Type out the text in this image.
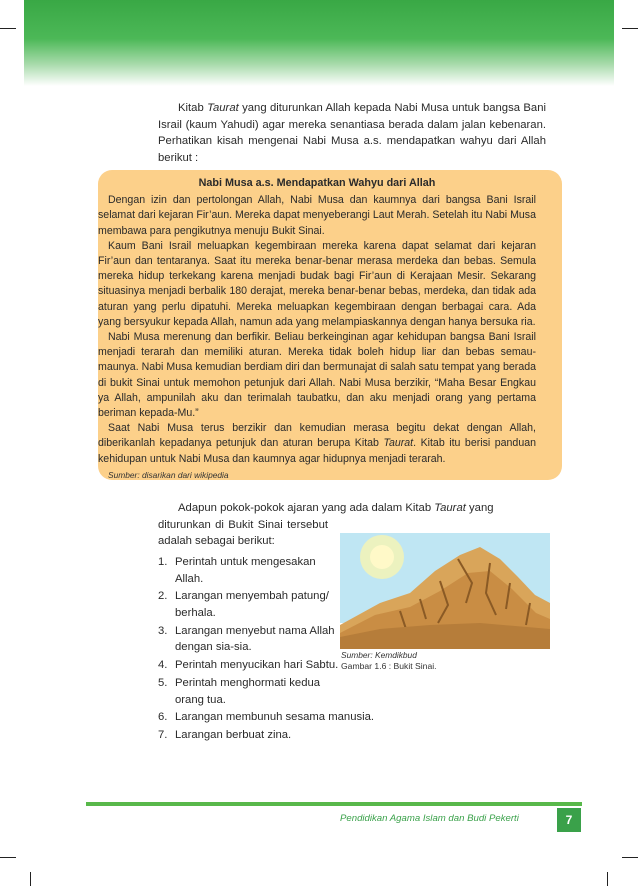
Kitab Taurat yang diturunkan Allah kepada Nabi Musa untuk bangsa Bani Israil (kaum Yahudi) agar mereka senantiasa berada dalam jalan kebenaran. Perhatikan kisah mengenai Nabi Musa a.s. mendapatkan wahyu dari Allah berikut :
Nabi Musa a.s. Mendapatkan Wahyu dari Allah

Dengan izin dan pertolongan Allah, Nabi Musa dan kaumnya dari bangsa Bani Israil selamat dari kejaran Fir’aun. Mereka dapat menyeberangi Laut Merah. Setelah itu Nabi Musa membawa para pengikutnya menuju Bukit Sinai.

Kaum Bani Israil meluapkan kegembiraan mereka karena dapat selamat dari kejaran Fir’aun dan tentaranya. Saat itu mereka benar-benar merasa merdeka dan bebas. Semula mereka hidup terkekang karena menjadi budak bagi Fir’aun di Kerajaan Mesir. Sekarang situasinya menjadi berbalik 180 derajat, mereka benar-benar bebas, merdeka, dan tidak ada aturan yang perlu dipatuhi. Mereka meluapkan kegembiraan dengan berbagai cara. Ada yang bersyukur kepada Allah, namun ada yang melampiaskannya dengan hanya bersuka ria.

Nabi Musa merenung dan berfikir. Beliau berkeinginan agar kehidupan bangsa Bani Israil menjadi terarah dan memiliki aturan. Mereka tidak boleh hidup liar dan bebas semau-maunya. Nabi Musa kemudian berdiam diri dan bermunajat di salah satu tempat yang berada di bukit Sinai untuk memohon petunjuk dari Allah. Nabi Musa berzikir, “Maha Besar Engkau ya Allah, ampunilah aku dan terimalah taubatku, dan aku menjadi orang yang pertama beriman kepada-Mu.”

Saat Nabi Musa terus berzikir dan kemudian merasa begitu dekat dengan Allah, diberikanlah kepadanya petunjuk dan aturan berupa Kitab Taurat. Kitab itu berisi panduan kehidupan untuk Nabi Musa dan kaumnya agar hidupnya menjadi terarah.

Sumber: disarikan dari wikipedia
Adapun pokok-pokok ajaran yang ada dalam Kitab Taurat yang
diturunkan di Bukit Sinai tersebut adalah sebagai berikut:
1. Perintah untuk mengesakan Allah.
2. Larangan menyembah patung/ berhala.
3. Larangan menyebut nama Allah dengan sia-sia.
4. Perintah menyucikan hari Sabtu.
5. Perintah menghormati kedua orang tua.
6. Larangan membunuh sesama manusia.
7. Larangan berbuat zina.
Sumber: Kemdikbud
Gambar 1.6 : Bukit Sinai.
Pendidikan Agama Islam dan Budi Pekerti	7
